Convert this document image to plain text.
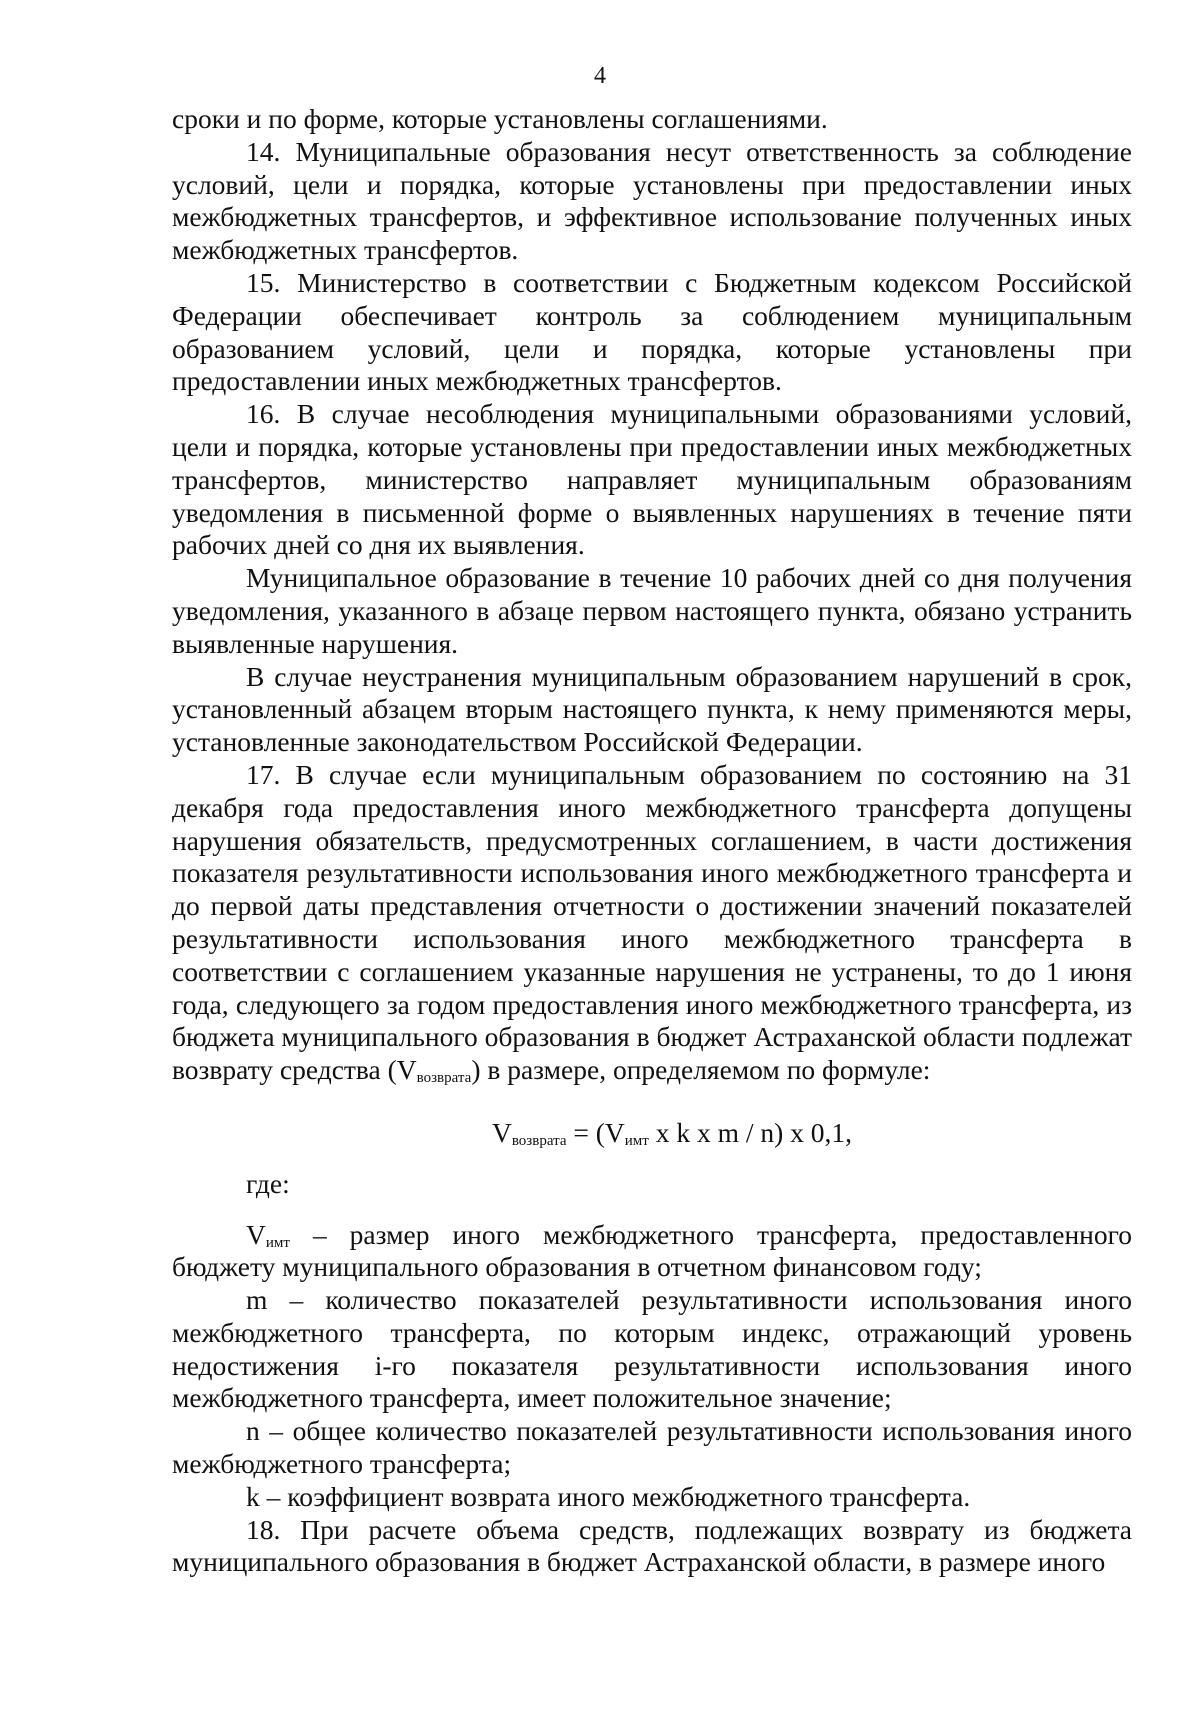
4

сроки и по форме, которые установлены соглашениями.

14. Муниципальные образования несут ответственность за соблюдение условий, цели и порядка, которые установлены при предоставлении иных межбюджетных трансфертов, и эффективное использование полученных иных межбюджетных трансфертов.

15. Министерство в соответствии с Бюджетным кодексом Российской Федерации обеспечивает контроль за соблюдением муниципальным образованием условий, цели и порядка, которые установлены при предоставлении иных межбюджетных трансфертов.

16. В случае несоблюдения муниципальными образованиями условий, цели и порядка, которые установлены при предоставлении иных межбюджетных трансфертов, министерство направляет муниципальным образованиям уведомления в письменной форме о выявленных нарушениях в течение пяти рабочих дней со дня их выявления.

Муниципальное образование в течение 10 рабочих дней со дня получения уведомления, указанного в абзаце первом настоящего пункта, обязано устранить выявленные нарушения.

В случае неустранения муниципальным образованием нарушений в срок, установленный абзацем вторым настоящего пункта, к нему применяются меры, установленные законодательством Российской Федерации.

17. В случае если муниципальным образованием по состоянию на 31 декабря года предоставления иного межбюджетного трансферта допущены нарушения обязательств, предусмотренных соглашением, в части достижения показателя результативности использования иного межбюджетного трансферта и до первой даты представления отчетности о достижении значений показателей результативности использования иного межбюджетного трансферта в соответствии с соглашением указанные нарушения не устранены, то до 1 июня года, следующего за годом предоставления иного межбюджетного трансферта, из бюджета муниципального образования в бюджет Астраханской области подлежат возврату средства $(V_{возврата})$ в размере, определяемом по формуле:

$V_{возврата} = (V_{имт}$ x k x m / n) x 0,1,

где:

$V_{имт}$ – размер иного межбюджетного трансферта, предоставленного бюджету муниципального образования в отчетном финансовом году;

m – количество показателей результативности использования иного межбюджетного трансферта, по которым индекс, отражающий уровень недостижения i-го показателя результативности использования иного межбюджетного трансферта, имеет положительное значение;

n – общее количество показателей результативности использования иного межбюджетного трансферта;

k – коэффициент возврата иного межбюджетного трансферта.

18. При расчете объема средств, подлежащих возврату из бюджета муниципального образования в бюджет Астраханской области, в размере иного
